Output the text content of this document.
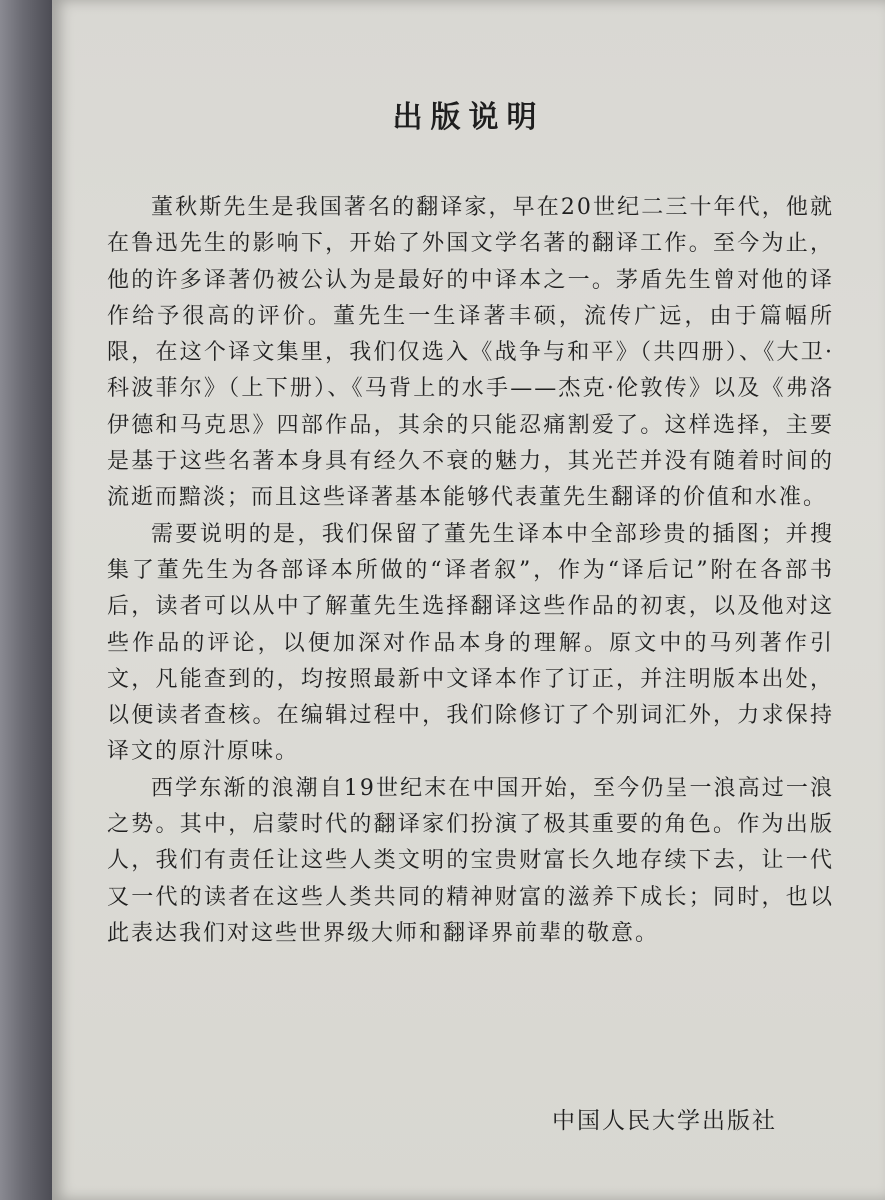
出版说明

董秋斯先生是我国著名的翻译家，早在20世纪二三十年代，他就在鲁迅先生的影响下，开始了外国文学名著的翻译工作。至今为止，他的许多译著仍被公认为是最好的中译本之一。茅盾先生曾对他的译作给予很高的评价。董先生一生译著丰硕，流传广远，由于篇幅所限，在这个译文集里，我们仅选入《战争与和平》（共四册）、《大卫·科波菲尔》（上下册）、《马背上的水手——杰克·伦敦传》以及《弗洛伊德和马克思》四部作品，其余的只能忍痛割爱了。这样选择，主要是基于这些名著本身具有经久不衰的魅力，其光芒并没有随着时间的流逝而黯淡；而且这些译著基本能够代表董先生翻译的价值和水准。

需要说明的是，我们保留了董先生译本中全部珍贵的插图；并搜集了董先生为各部译本所做的“译者叙”，作为“译后记”附在各部书后，读者可以从中了解董先生选择翻译这些作品的初衷，以及他对这些作品的评论，以便加深对作品本身的理解。原文中的马列著作引文，凡能查到的，均按照最新中文译本作了订正，并注明版本出处，以便读者查核。在编辑过程中，我们除修订了个别词汇外，力求保持译文的原汁原味。

西学东渐的浪潮自19世纪末在中国开始，至今仍呈一浪高过一浪之势。其中，启蒙时代的翻译家们扮演了极其重要的角色。作为出版人，我们有责任让这些人类文明的宝贵财富长久地存续下去，让一代又一代的读者在这些人类共同的精神财富的滋养下成长；同时，也以此表达我们对这些世界级大师和翻译界前辈的敬意。

中国人民大学出版社
